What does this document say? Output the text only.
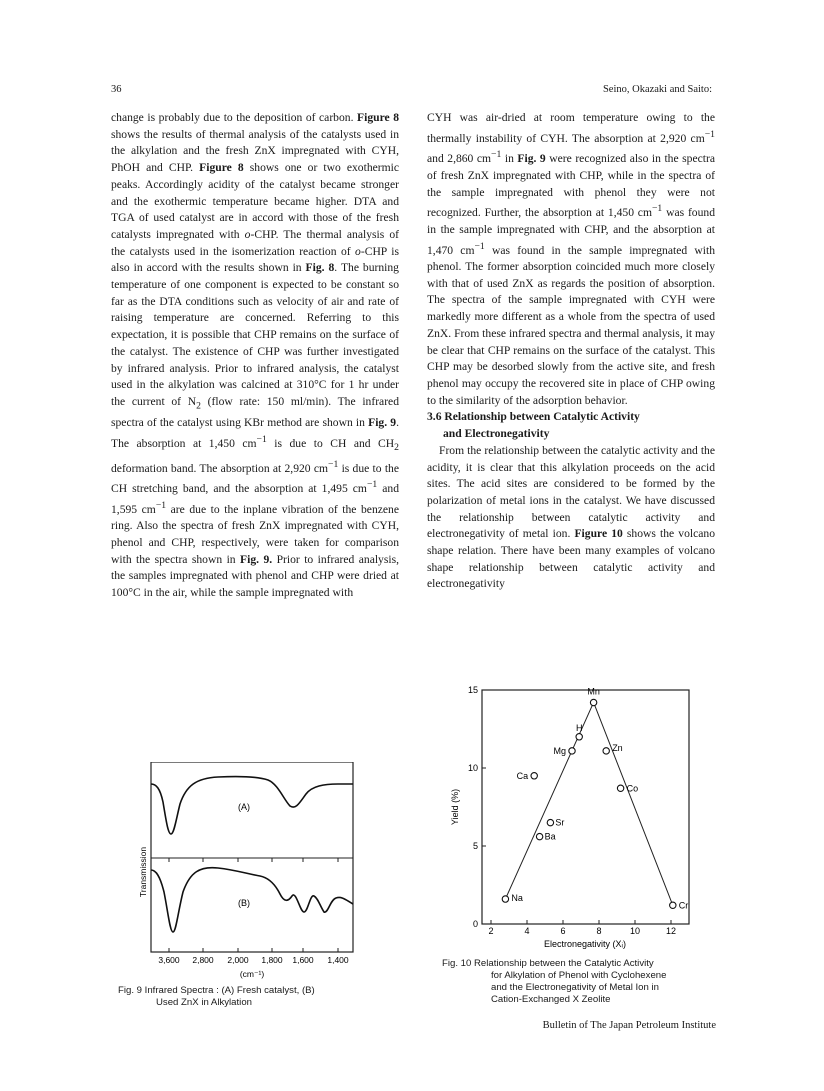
36	Seino, Okazaki and Saito:

change is probably due to the deposition of carbon. Figure 8 shows the results of thermal analysis of the catalysts used in the alkylation and the fresh ZnX impregnated with CYH, PhOH and CHP. Figure 8 shows one or two exothermic peaks. Accordingly acidity of the catalyst became stronger and the exothermic temperature became higher. DTA and TGA of used catalyst are in accord with those of the fresh catalysts impregnated with o-CHP. The thermal analysis of the catalysts used in the isomerization reaction of o-CHP is also in accord with the results shown in Fig. 8. The burning temperature of one component is expected to be constant so far as the DTA conditions such as velocity of air and rate of raising temperature are concerned. Referring to this expectation, it is possible that CHP remains on the surface of the catalyst. The existence of CHP was further investigated by infrared analysis. Prior to infrared analysis, the catalyst used in the alkylation was calcined at 310°C for 1 hr under the current of $N_2$ (flow rate: 150 ml/min). The infrared spectra of the catalyst using KBr method are shown in Fig. 9. The absorption at 1,450 $cm^{-1}$ is due to CH and $CH_2$ deformation band. The absorption at 2,920 $cm^{-1}$ is due to the CH stretching band, and the absorption at 1,495 $cm^{-1}$ and 1,595 $cm^{-1}$ are due to the inplane vibration of the benzene ring. Also the spectra of fresh ZnX impregnated with CYH, phenol and CHP, respectively, were taken for comparison with the spectra shown in Fig. 9. Prior to infrared analysis, the samples impregnated with phenol and CHP were dried at 100°C in the air, while the sample impregnated with

CYH was air-dried at room temperature owing to the thermally instability of CYH. The absorption at 2,920 $cm^{-1}$ and 2,860 $cm^{-1}$ in Fig. 9 were recognized also in the spectra of fresh ZnX impregnated with CHP, while in the spectra of the sample impregnated with phenol they were not recognized. Further, the absorption at 1,450 $cm^{-1}$ was found in the sample impregnated with CHP, and the absorption at 1,470 $cm^{-1}$ was found in the sample impregnated with phenol. The former absorption coincided much more closely with that of used ZnX as regards the position of absorption. The spectra of the sample impregnated with CYH were markedly more different as a whole from the spectra of used ZnX. From these infrared spectra and thermal analysis, it may be clear that CHP remains on the surface of the catalyst. This CHP may be desorbed slowly from the active site, and fresh phenol may occupy the recovered site in place of CHP owing to the similarity of the adsorption behavior.

3.6 Relationship between Catalytic Activity

and Electronegativity

From the relationship between the catalytic activity and the acidity, it is clear that this alkylation proceeds on the acid sites. The acid sites are considered to be formed by the polarization of metal ions in the catalyst. We have discussed the relationship between catalytic activity and electronegativity of metal ion. Figure 10 shows the volcano shape relation. There have been many examples of volcano shape relationship between catalytic activity and electronegativity

(A)
(B)
Transmission
3,600 2,800 2,000 1,800 1,600 1,400
(cm⁻¹)
Fig. 9 Infrared Spectra : (A) Fresh catalyst, (B)
Used ZnX in Alkylation
2	4	6	8	10	12
0
5
10
15
Na
Ba
Sr
Ca
Mg
H
Mn
Zn
Co
Cr
Electronegativity (Xᵢ)
Yield (%)
Fig. 10 Relationship between the Catalytic Activity
for Alkylation of Phenol with Cyclohexene
and the Electronegativity of Metal Ion in
Cation-Exchanged X Zeolite
Bulletin of The Japan Petroleum Institute
